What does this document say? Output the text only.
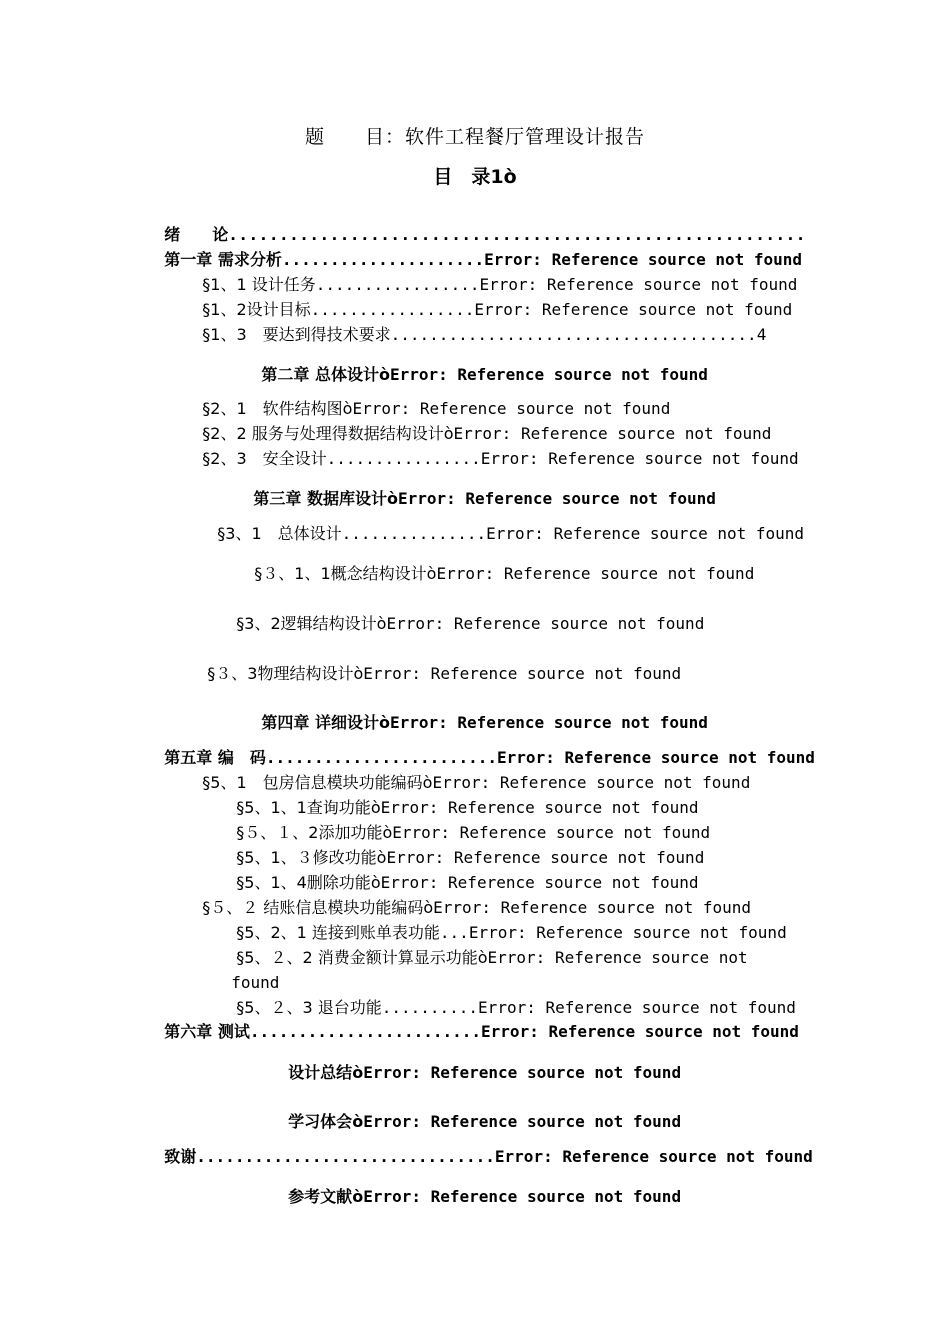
题　　目：软件工程餐厅管理设计报告
目　录1ò

绪　　论.........................................................

第一章 需求分析.....................Error: Reference source not found

§1、1 设计任务.................Error: Reference source not found

§1、2设计目标.................Error: Reference source not found

§1、3　要达到得技术要求......................................4

第二章 总体设计òError: Reference source not found

§2、1　软件结构图òError: Reference source not found

§2、2 服务与处理得数据结构设计òError: Reference source not found

§2、3　安全设计................Error: Reference source not found

第三章 数据库设计òError: Reference source not found

§3、1　总体设计...............Error: Reference source not found

§３、1、1概念结构设计òError: Reference source not found

§3、2逻辑结构设计òError: Reference source not found

§３、3物理结构设计òError: Reference source not found

第四章 详细设计òError: Reference source not found

第五章 编　码........................Error: Reference source not found

§5、1　包房信息模块功能编码òError: Reference source not found

§5、1、1查询功能òError: Reference source not found

§５、１、2添加功能òError: Reference source not found

§5、1、３修改功能òError: Reference source not found

§5、1、4删除功能òError: Reference source not found

§５、２ 结账信息模块功能编码òError: Reference source not found

§5、2、1 连接到账单表功能...Error: Reference source not found

§5、２、2 消费金额计算显示功能òError: Reference source not

found

§5、２、3 退台功能..........Error: Reference source not found

第六章 测试........................Error: Reference source not found

设计总结òError: Reference source not found

学习体会òError: Reference source not found

致谢...............................Error: Reference source not found

参考文献òError: Reference source not found
